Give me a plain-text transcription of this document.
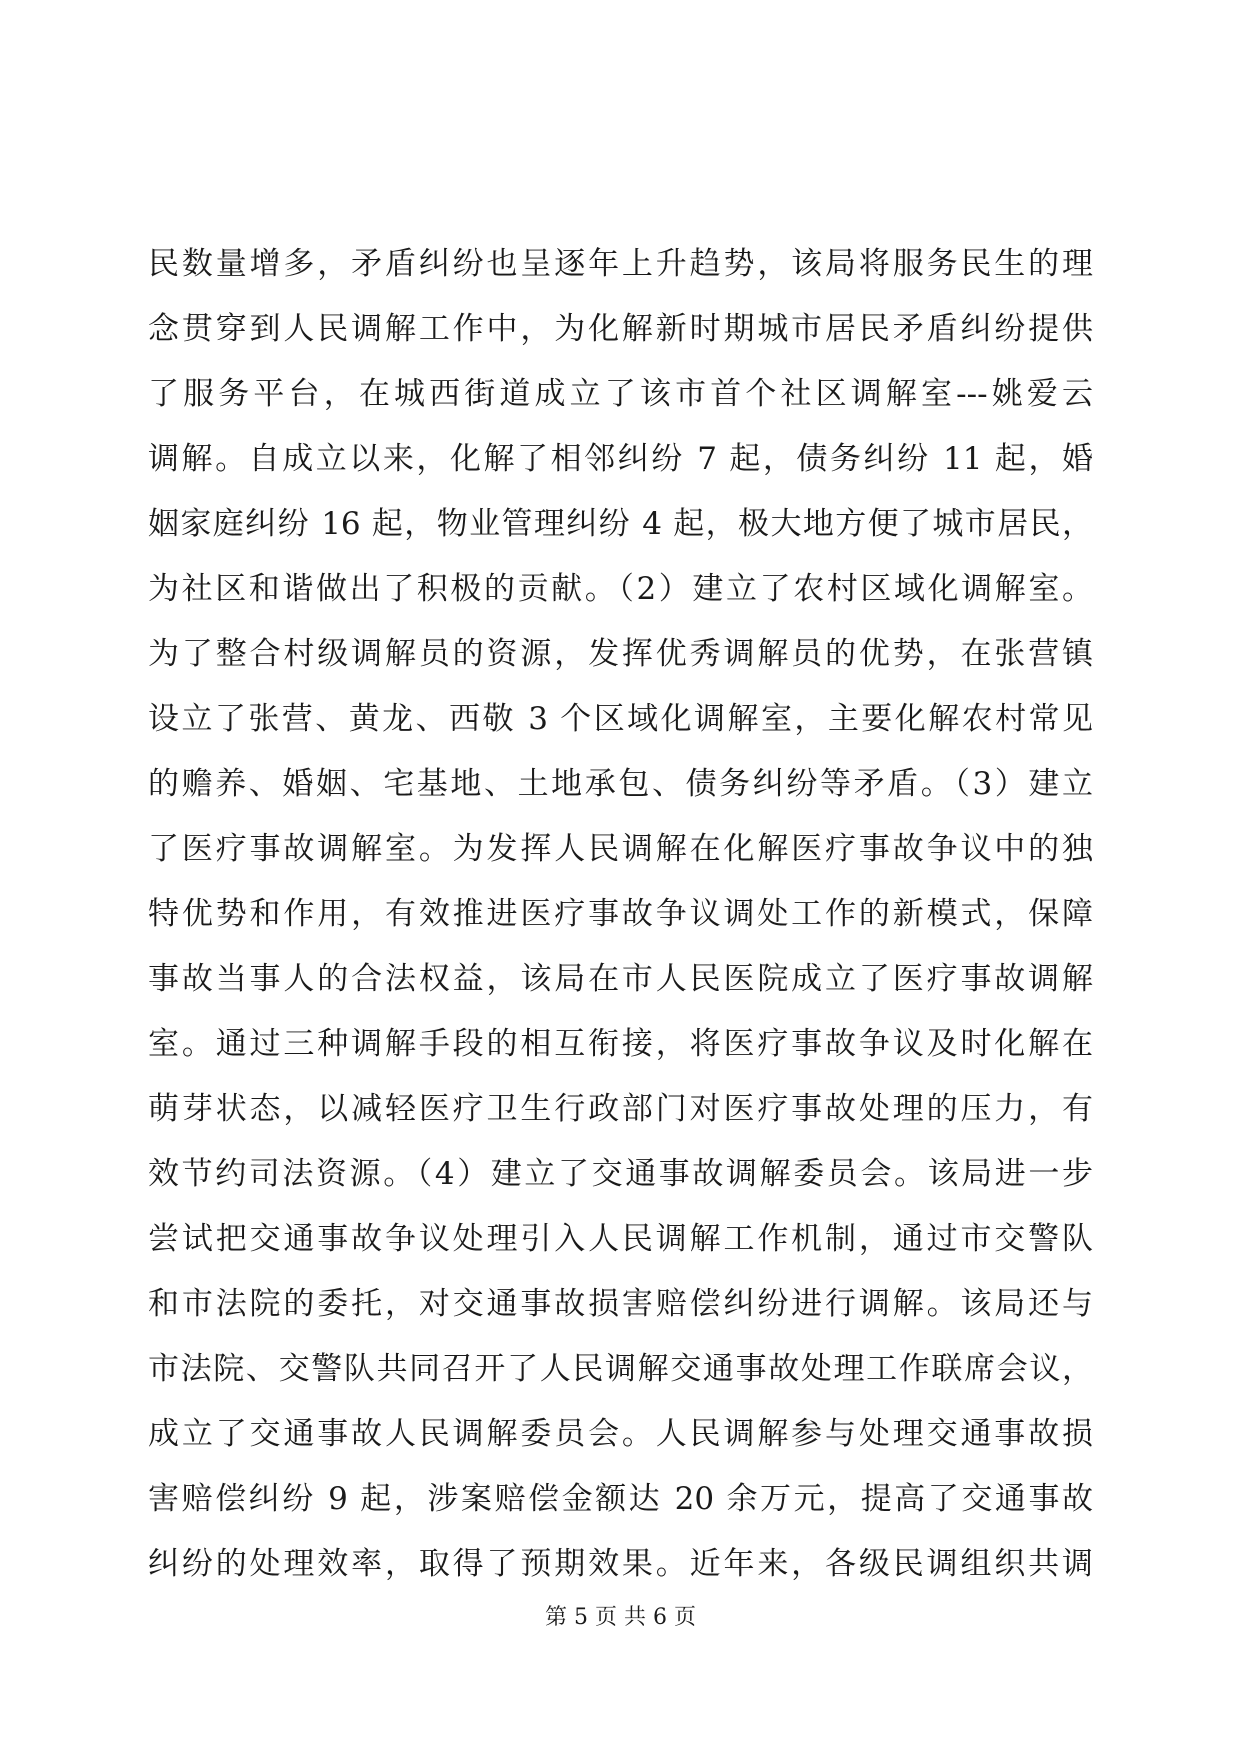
民数量增多，矛盾纠纷也呈逐年上升趋势，该局将服务民生的理
念贯穿到人民调解工作中，为化解新时期城市居民矛盾纠纷提供
了服务平台，在城西街道成立了该市首个社区调解室---姚爱云
调解。自成立以来，化解了相邻纠纷 7 起，债务纠纷 11 起，婚
姻家庭纠纷 16 起，物业管理纠纷 4 起，极大地方便了城市居民，
为社区和谐做出了积极的贡献。（2）建立了农村区域化调解室。
为了整合村级调解员的资源，发挥优秀调解员的优势，在张营镇
设立了张营、黄龙、西敬 3 个区域化调解室，主要化解农村常见
的赡养、婚姻、宅基地、土地承包、债务纠纷等矛盾。（3）建立
了医疗事故调解室。为发挥人民调解在化解医疗事故争议中的独
特优势和作用，有效推进医疗事故争议调处工作的新模式，保障
事故当事人的合法权益，该局在市人民医院成立了医疗事故调解
室。通过三种调解手段的相互衔接，将医疗事故争议及时化解在
萌芽状态，以减轻医疗卫生行政部门对医疗事故处理的压力，有
效节约司法资源。（4）建立了交通事故调解委员会。该局进一步
尝试把交通事故争议处理引入人民调解工作机制，通过市交警队
和市法院的委托，对交通事故损害赔偿纠纷进行调解。该局还与
市法院、交警队共同召开了人民调解交通事故处理工作联席会议，
成立了交通事故人民调解委员会。人民调解参与处理交通事故损
害赔偿纠纷 9 起，涉案赔偿金额达 20 余万元，提高了交通事故
纠纷的处理效率，取得了预期效果。近年来，各级民调组织共调
第 5 页 共 6 页
